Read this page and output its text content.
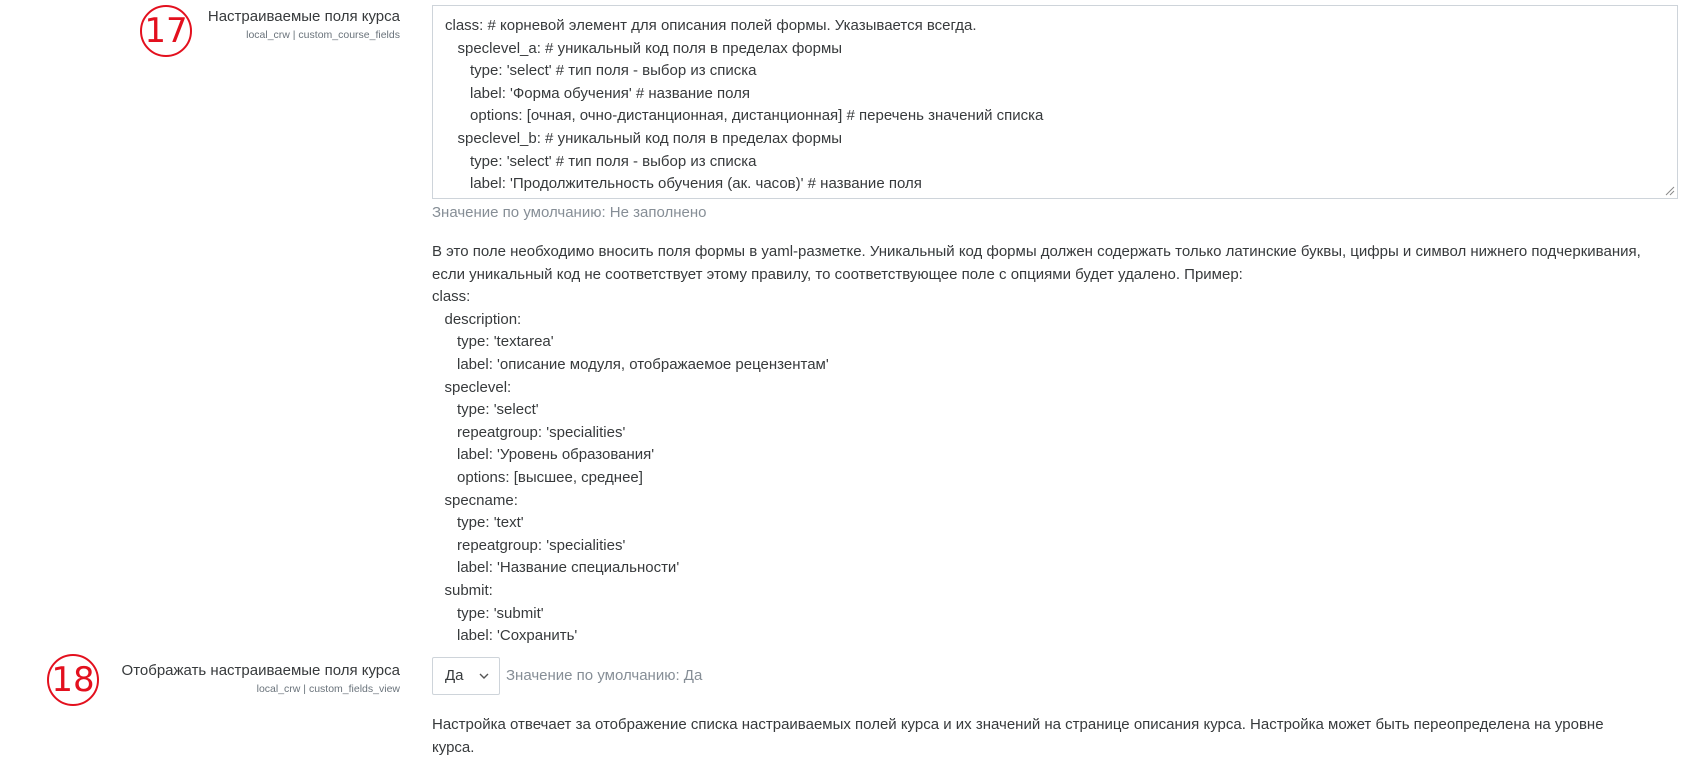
17 Настраиваемые поля курса
local_crw | custom_course_fields
class: # корневой элемент для описания полей формы. Указывается всегда.
speclevel_a: # уникальный код поля в пределах формы
type: 'select' # тип поля - выбор из списка
label: 'Форма обучения' # название поля
options: [очная, очно-дистанционная, дистанционная] # перечень значений списка
speclevel_b: # уникальный код поля в пределах формы
type: 'select' # тип поля - выбор из списка
label: 'Продолжительность обучения (ак. часов)' # название поля
Значение по умолчанию: Не заполнено
В это поле необходимо вносить поля формы в yaml-разметке. Уникальный код формы должен содержать только латинские буквы, цифры и символ нижнего подчеркивания,
если уникальный код не соответствует этому правилу, то соответствующее поле с опциями будет удалено. Пример:
class:
description:
type: 'textarea'
label: 'описание модуля, отображаемое рецензентам'
speclevel:
type: 'select'
repeatgroup: 'specialities'
label: 'Уровень образования'
options: [высшее, среднее]
specname:
type: 'text'
repeatgroup: 'specialities'
label: 'Название специальности'
submit:
type: 'submit'
label: 'Сохранить'
18 Отображать настраиваемые поля курса
local_crw | custom_fields_view
Да	Значение по умолчанию: Да
Настройка отвечает за отображение списка настраиваемых полей курса и их значений на странице описания курса. Настройка может быть переопределена на уровне
курса.
